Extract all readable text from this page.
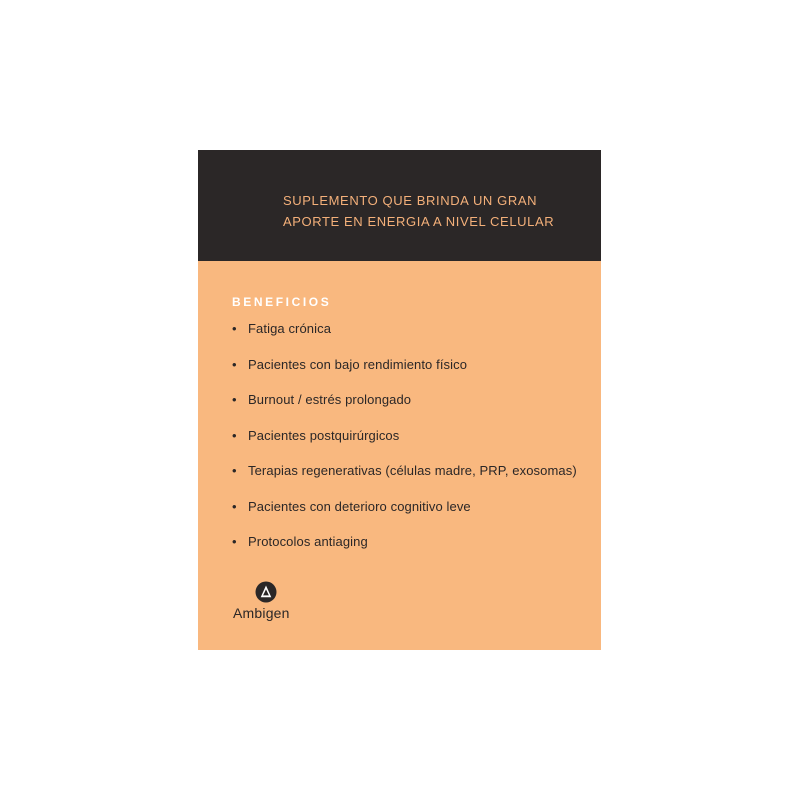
SUPLEMENTO QUE BRINDA UN GRAN
APORTE EN ENERGIA A NIVEL CELULAR
BENEFICIOS
• Fatiga crónica
• Pacientes con bajo rendimiento físico
• Burnout / estrés prolongado
• Pacientes postquirúrgicos
• Terapias regenerativas (células madre, PRP, exosomas)
• Pacientes con deterioro cognitivo leve
• Protocolos antiaging
Ambigen
